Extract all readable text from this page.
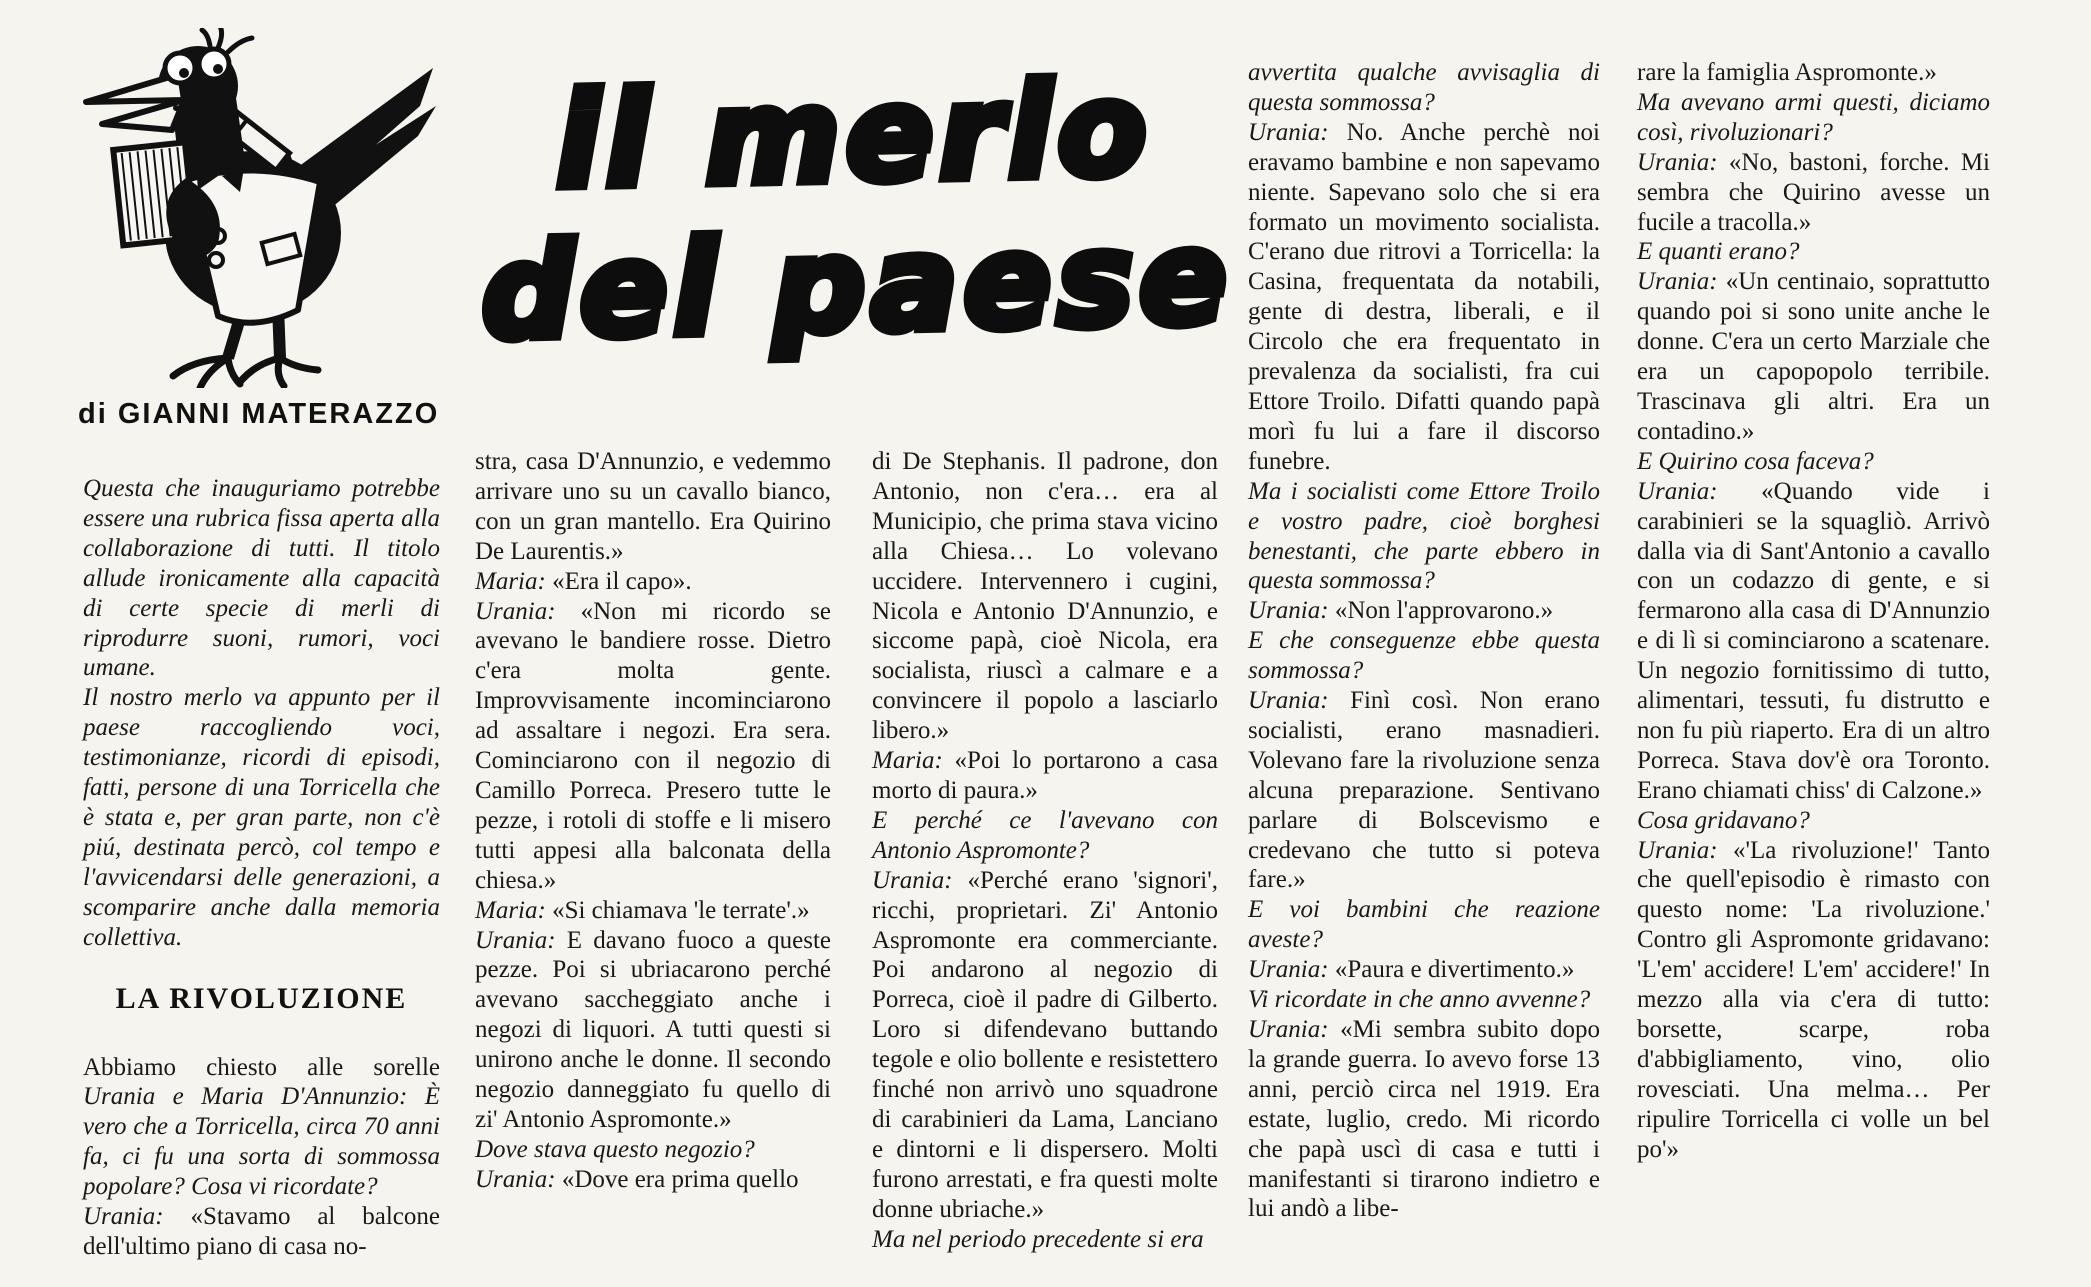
il merlo
del paese
di GIANNI MATERAZZO

Questa che inauguriamo potrebbe essere una rubrica fissa aperta alla collaborazione di tutti. Il titolo allude ironicamente alla capacità di certe specie di merli di riprodurre suoni, rumori, voci umane.

Il nostro merlo va appunto per il paese raccogliendo voci, testimonianze, ricordi di episodi, fatti, persone di una Torricella che è stata e, per gran parte, non c'è piú, destinata percò, col tempo e l'avvicendarsi delle generazioni, a scomparire anche dalla memoria collettiva.

LA RIVOLUZIONE

Abbiamo chiesto alle sorelle Urania e Maria D'Annunzio: È vero che a Torricella, circa 70 anni fa, ci fu una sorta di sommossa popolare? Cosa vi ricordate?

Urania: «Stavamo al balcone dell'ultimo piano di casa no-

stra, casa D'Annunzio, e vedemmo arrivare uno su un cavallo bianco, con un gran mantello. Era Quirino De Laurentis.»

Maria: «Era il capo».

Urania: «Non mi ricordo se avevano le bandiere rosse. Dietro c'era molta gente. Improvvisamente incominciarono ad assaltare i negozi. Era sera. Cominciarono con il negozio di Camillo Porreca. Presero tutte le pezze, i rotoli di stoffe e li misero tutti appesi alla balconata della chiesa.»

Maria: «Si chiamava 'le terrate'.»

Urania: E davano fuoco a queste pezze. Poi si ubriacarono perché avevano saccheggiato anche i negozi di liquori. A tutti questi si unirono anche le donne. Il secondo negozio danneggiato fu quello di zi' Antonio Aspromonte.»

Dove stava questo negozio?

Urania: «Dove era prima quello

di De Stephanis. Il padrone, don Antonio, non c'era… era al Municipio, che prima stava vicino alla Chiesa… Lo volevano uccidere. Intervennero i cugini, Nicola e Antonio D'Annunzio, e siccome papà, cioè Nicola, era socialista, riuscì a calmare e a convincere il popolo a lasciarlo libero.»

Maria: «Poi lo portarono a casa morto di paura.»

E perché ce l'avevano con Antonio Aspromonte?

Urania: «Perché erano 'signori', ricchi, proprietari. Zi' Antonio Aspromonte era commerciante. Poi andarono al negozio di Porreca, cioè il padre di Gilberto. Loro si difendevano buttando tegole e olio bollente e resistettero finché non arrivò uno squadrone di carabinieri da Lama, Lanciano e dintorni e li dispersero. Molti furono arrestati, e fra questi molte donne ubriache.»

Ma nel periodo precedente si era

avvertita qualche avvisaglia di questa sommossa?

Urania: No. Anche perchè noi eravamo bambine e non sapevamo niente. Sapevano solo che si era formato un movimento socialista. C'erano due ritrovi a Torricella: la Casina, frequentata da notabili, gente di destra, liberali, e il Circolo che era frequentato in prevalenza da socialisti, fra cui Ettore Troilo. Difatti quando papà morì fu lui a fare il discorso funebre.

Ma i socialisti come Ettore Troilo e vostro padre, cioè borghesi benestanti, che parte ebbero in questa sommossa?

Urania: «Non l'approvarono.»

E che conseguenze ebbe questa sommossa?

Urania: Finì così. Non erano socialisti, erano masnadieri. Volevano fare la rivoluzione senza alcuna preparazione. Sentivano parlare di Bolscevismo e credevano che tutto si poteva fare.»

E voi bambini che reazione aveste?

Urania: «Paura e divertimento.»

Vi ricordate in che anno avvenne?

Urania: «Mi sembra subito dopo la grande guerra. Io avevo forse 13 anni, perciò circa nel 1919. Era estate, luglio, credo. Mi ricordo che papà uscì di casa e tutti i manifestanti si tirarono indietro e lui andò a libe-

rare la famiglia Aspromonte.»

Ma avevano armi questi, diciamo così, rivoluzionari?

Urania: «No, bastoni, forche. Mi sembra che Quirino avesse un fucile a tracolla.»

E quanti erano?

Urania: «Un centinaio, soprattutto quando poi si sono unite anche le donne. C'era un certo Marziale che era un capopopolo terribile. Trascinava gli altri. Era un contadino.»

E Quirino cosa faceva?

Urania: «Quando vide i carabinieri se la squagliò. Arrivò dalla via di Sant'Antonio a cavallo con un codazzo di gente, e si fermarono alla casa di D'Annunzio e di lì si cominciarono a scatenare. Un negozio fornitissimo di tutto, alimentari, tessuti, fu distrutto e non fu più riaperto. Era di un altro Porreca. Stava dov'è ora Toronto. Erano chiamati chiss' di Calzone.»

Cosa gridavano?

Urania: «'La rivoluzione!' Tanto che quell'episodio è rimasto con questo nome: 'La rivoluzione.' Contro gli Aspromonte gridavano: 'L'em' accidere! L'em' accidere!' In mezzo alla via c'era di tutto: borsette, scarpe, roba d'abbigliamento, vino, olio rovesciati. Una melma… Per ripulire Torricella ci volle un bel po'»
